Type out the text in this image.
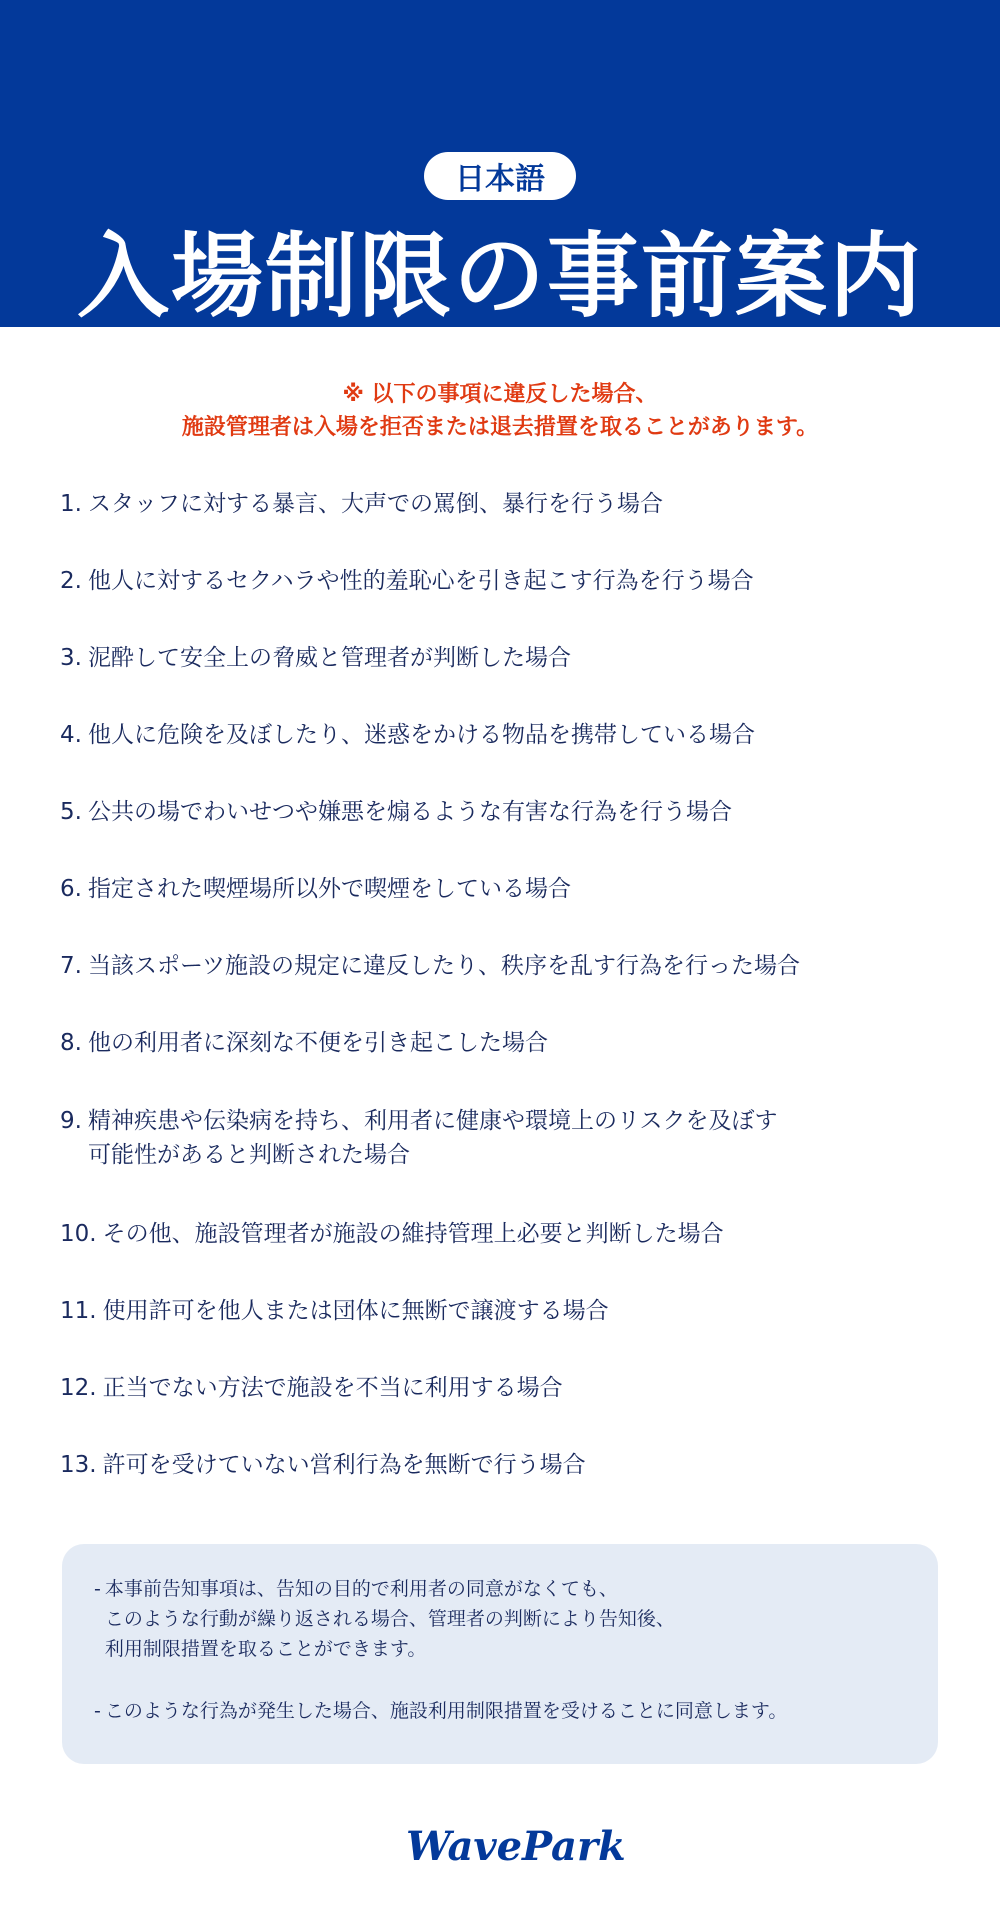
日本語
入場制限の事前案内
※ 以下の事項に違反した場合、
施設管理者は入場を拒否または退去措置を取ることがあります。
1. スタッフに対する暴言、大声での罵倒、暴行を行う場合
2. 他人に対するセクハラや性的羞恥心を引き起こす行為を行う場合
3. 泥酔して安全上の脅威と管理者が判断した場合
4. 他人に危険を及ぼしたり、迷惑をかける物品を携帯している場合
5. 公共の場でわいせつや嫌悪を煽るような有害な行為を行う場合
6. 指定された喫煙場所以外で喫煙をしている場合
7. 当該スポーツ施設の規定に違反したり、秩序を乱す行為を行った場合
8. 他の利用者に深刻な不便を引き起こした場合
9. 精神疾患や伝染病を持ち、利用者に健康や環境上のリスクを及ぼす
可能性があると判断された場合
10. その他、施設管理者が施設の維持管理上必要と判断した場合
11. 使用許可を他人または団体に無断で譲渡する場合
12. 正当でない方法で施設を不当に利用する場合
13. 許可を受けていない営利行為を無断で行う場合
- 本事前告知事項は、告知の目的で利用者の同意がなくても、
このような行動が繰り返される場合、管理者の判断により告知後、
利用制限措置を取ることができます。
- このような行為が発生した場合、施設利用制限措置を受けることに同意します。
WavePark
